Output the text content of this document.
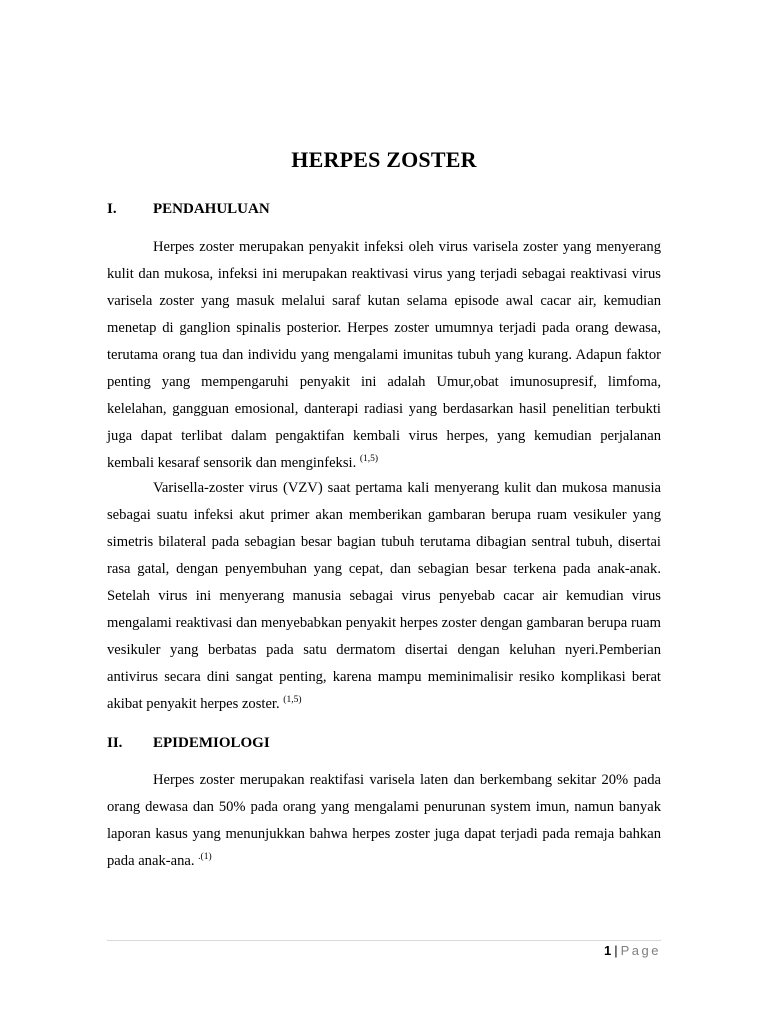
HERPES ZOSTER
I. PENDAHULUAN

Herpes zoster merupakan penyakit infeksi oleh virus varisela zoster yang menyerang kulit dan mukosa, infeksi ini merupakan reaktivasi virus yang terjadi sebagai reaktivasi virus varisela zoster yang masuk melalui saraf kutan selama episode awal cacar air, kemudian menetap di ganglion spinalis posterior. Herpes zoster umumnya terjadi pada orang dewasa, terutama orang tua dan individu yang mengalami imunitas tubuh yang kurang. Adapun faktor penting yang mempengaruhi penyakit ini adalah Umur,obat imunosupresif, limfoma, kelelahan, gangguan emosional, danterapi radiasi yang berdasarkan hasil penelitian terbukti juga dapat terlibat dalam pengaktifan kembali virus herpes, yang kemudian perjalanan kembali kesaraf sensorik dan menginfeksi. $^{(1,5)}$

Varisella-zoster virus (VZV) saat pertama kali menyerang kulit dan mukosa manusia sebagai suatu infeksi akut primer akan memberikan gambaran berupa ruam vesikuler yang simetris bilateral pada sebagian besar bagian tubuh terutama dibagian sentral tubuh, disertai rasa gatal, dengan penyembuhan yang cepat, dan sebagian besar terkena pada anak-anak. Setelah virus ini menyerang manusia sebagai virus penyebab cacar air kemudian virus mengalami reaktivasi dan menyebabkan penyakit herpes zoster dengan gambaran berupa ruam vesikuler yang berbatas pada satu dermatom disertai dengan keluhan nyeri.Pemberian antivirus secara dini sangat penting, karena mampu meminimalisir resiko komplikasi berat akibat penyakit herpes zoster. $^{(1,5)}$

II. EPIDEMIOLOGI

Herpes zoster merupakan reaktifasi varisela laten dan berkembang sekitar 20% pada orang dewasa dan 50% pada orang yang mengalami penurunan system imun, namun banyak laporan kasus yang menunjukkan bahwa herpes zoster juga dapat terjadi pada remaja bahkan pada anak-ana. $^{.(1)}$

1 | Page
